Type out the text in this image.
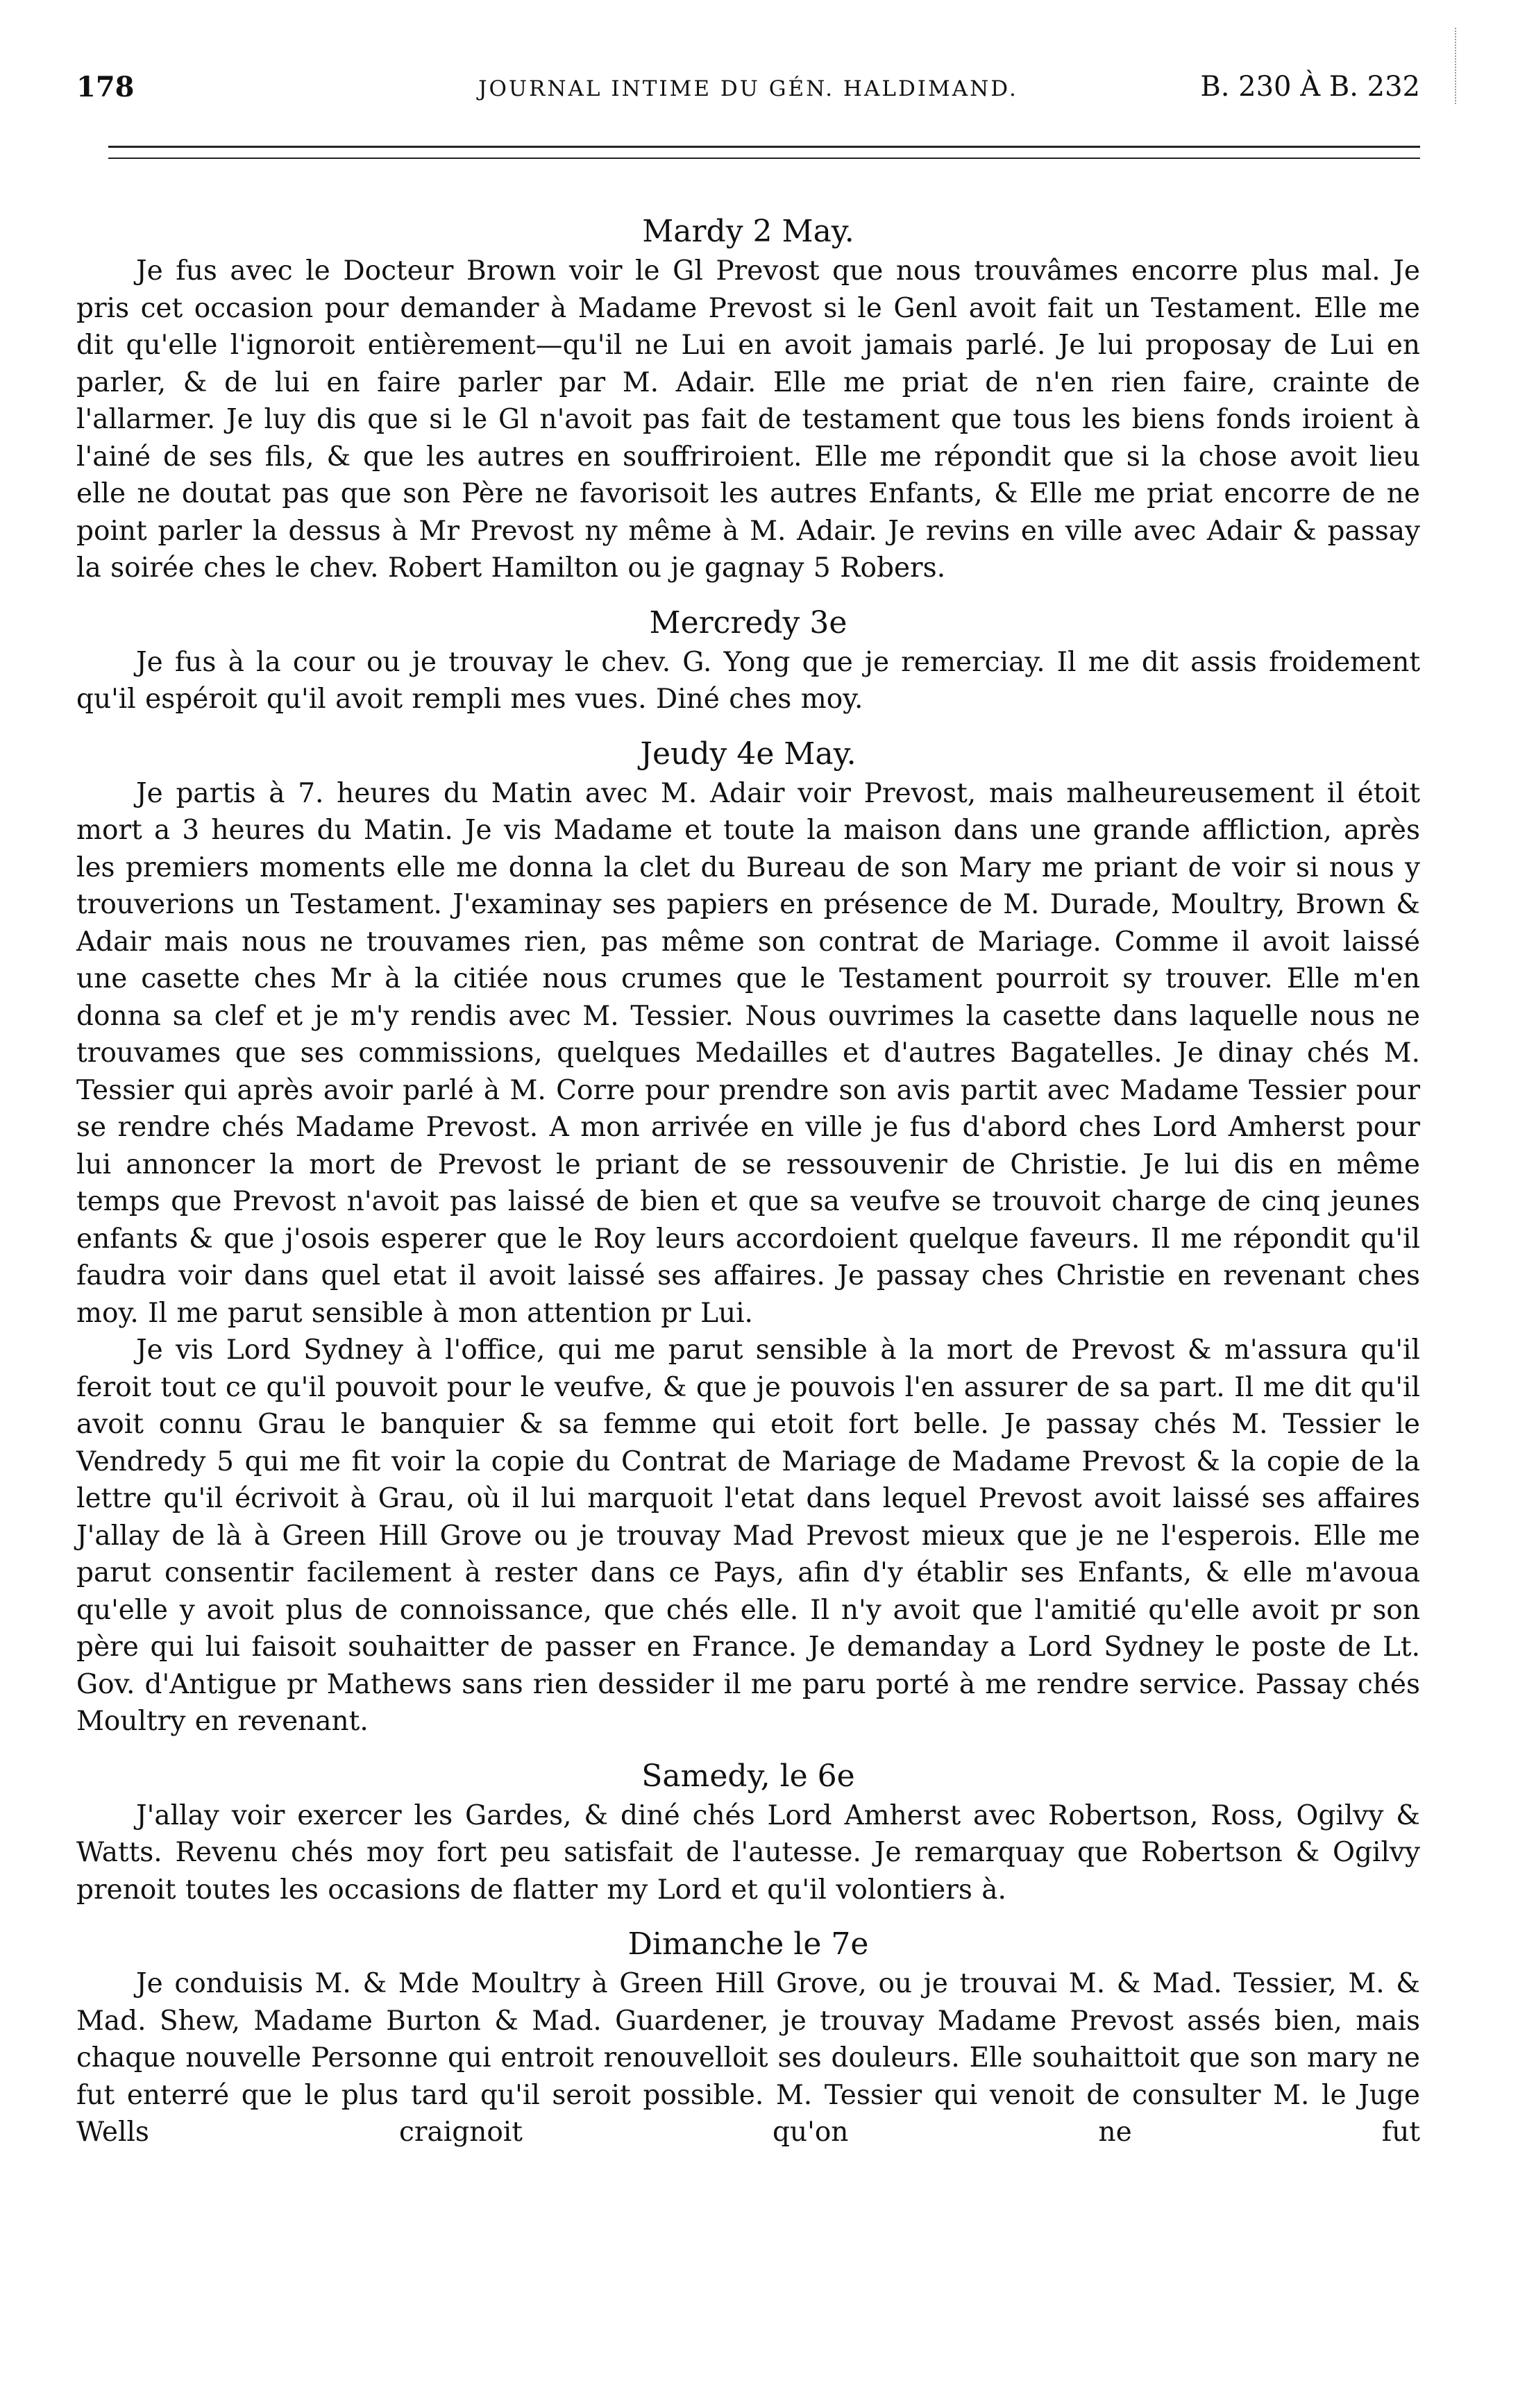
178	JOURNAL INTIME DU GÉN. HALDIMAND.	B. 230 À B. 232
Mardy 2 May.

Je fus avec le Docteur Brown voir le Gl Prevost que nous trouvâmes encorre plus mal. Je pris cet occasion pour demander à Madame Prevost si le Genl avoit fait un Testament. Elle me dit qu'elle l'ignoroit entièrement—qu'il ne Lui en avoit jamais parlé. Je lui proposay de Lui en parler, & de lui en faire parler par M. Adair. Elle me priat de n'en rien faire, crainte de l'allarmer. Je luy dis que si le Gl n'avoit pas fait de testament que tous les biens fonds iroient à l'ainé de ses fils, & que les autres en souffriroient. Elle me répondit que si la chose avoit lieu elle ne doutat pas que son Père ne favorisoit les autres Enfants, & Elle me priat encorre de ne point parler la dessus à Mr Prevost ny même à M. Adair. Je revins en ville avec Adair & passay la soirée ches le chev. Robert Hamilton ou je gagnay 5 Robers.

Mercredy 3e

Je fus à la cour ou je trouvay le chev. G. Yong que je remerciay. Il me dit assis froidement qu'il espéroit qu'il avoit rempli mes vues. Diné ches moy.

Jeudy 4e May.

Je partis à 7. heures du Matin avec M. Adair voir Prevost, mais malheureusement il étoit mort a 3 heures du Matin. Je vis Madame et toute la maison dans une grande affliction, après les premiers moments elle me donna la clet du Bureau de son Mary me priant de voir si nous y trouverions un Testament. J'examinay ses papiers en présence de M. Durade, Moultry, Brown & Adair mais nous ne trouvames rien, pas même son contrat de Mariage. Comme il avoit laissé une casette ches Mr à la citiée nous crumes que le Testament pourroit sy trouver. Elle m'en donna sa clef et je m'y rendis avec M. Tessier. Nous ouvrimes la casette dans laquelle nous ne trouvames que ses commissions, quelques Medailles et d'autres Bagatelles. Je dinay chés M. Tessier qui après avoir parlé à M. Corre pour prendre son avis partit avec Madame Tessier pour se rendre chés Madame Prevost. A mon arrivée en ville je fus d'abord ches Lord Amherst pour lui annoncer la mort de Prevost le priant de se ressouvenir de Christie. Je lui dis en même temps que Prevost n'avoit pas laissé de bien et que sa veufve se trouvoit charge de cinq jeunes enfants & que j'osois esperer que le Roy leurs accordoient quelque faveurs. Il me répondit qu'il faudra voir dans quel etat il avoit laissé ses affaires. Je passay ches Christie en revenant ches moy. Il me parut sensible à mon attention pr Lui.

Je vis Lord Sydney à l'office, qui me parut sensible à la mort de Prevost & m'assura qu'il feroit tout ce qu'il pouvoit pour le veufve, & que je pouvois l'en assurer de sa part. Il me dit qu'il avoit connu Grau le banquier & sa femme qui etoit fort belle. Je passay chés M. Tessier le Vendredy 5 qui me fit voir la copie du Contrat de Mariage de Madame Prevost & la copie de la lettre qu'il écrivoit à Grau, où il lui marquoit l'etat dans lequel Prevost avoit laissé ses affaires J'allay de là à Green Hill Grove ou je trouvay Mad Prevost mieux que je ne l'esperois. Elle me parut consentir facilement à rester dans ce Pays, afin d'y établir ses Enfants, & elle m'avoua qu'elle y avoit plus de connoissance, que chés elle. Il n'y avoit que l'amitié qu'elle avoit pr son père qui lui faisoit souhaitter de passer en France. Je demanday a Lord Sydney le poste de Lt. Gov. d'Antigue pr Mathews sans rien dessider il me paru porté à me rendre service. Passay chés Moultry en revenant.

Samedy, le 6e

J'allay voir exercer les Gardes, & diné chés Lord Amherst avec Robertson, Ross, Ogilvy & Watts. Revenu chés moy fort peu satisfait de l'autesse. Je remarquay que Robertson & Ogilvy prenoit toutes les occasions de flatter my Lord et qu'il volontiers à.

Dimanche le 7e

Je conduisis M. & Mde Moultry à Green Hill Grove, ou je trouvai M. & Mad. Tessier, M. & Mad. Shew, Madame Burton & Mad. Guardener, je trouvay Madame Prevost assés bien, mais chaque nouvelle Personne qui entroit renouvelloit ses douleurs. Elle souhaittoit que son mary ne fut enterré que le plus tard qu'il seroit possible. M. Tessier qui venoit de consulter M. le Juge Wells craignoit qu'on ne fut
